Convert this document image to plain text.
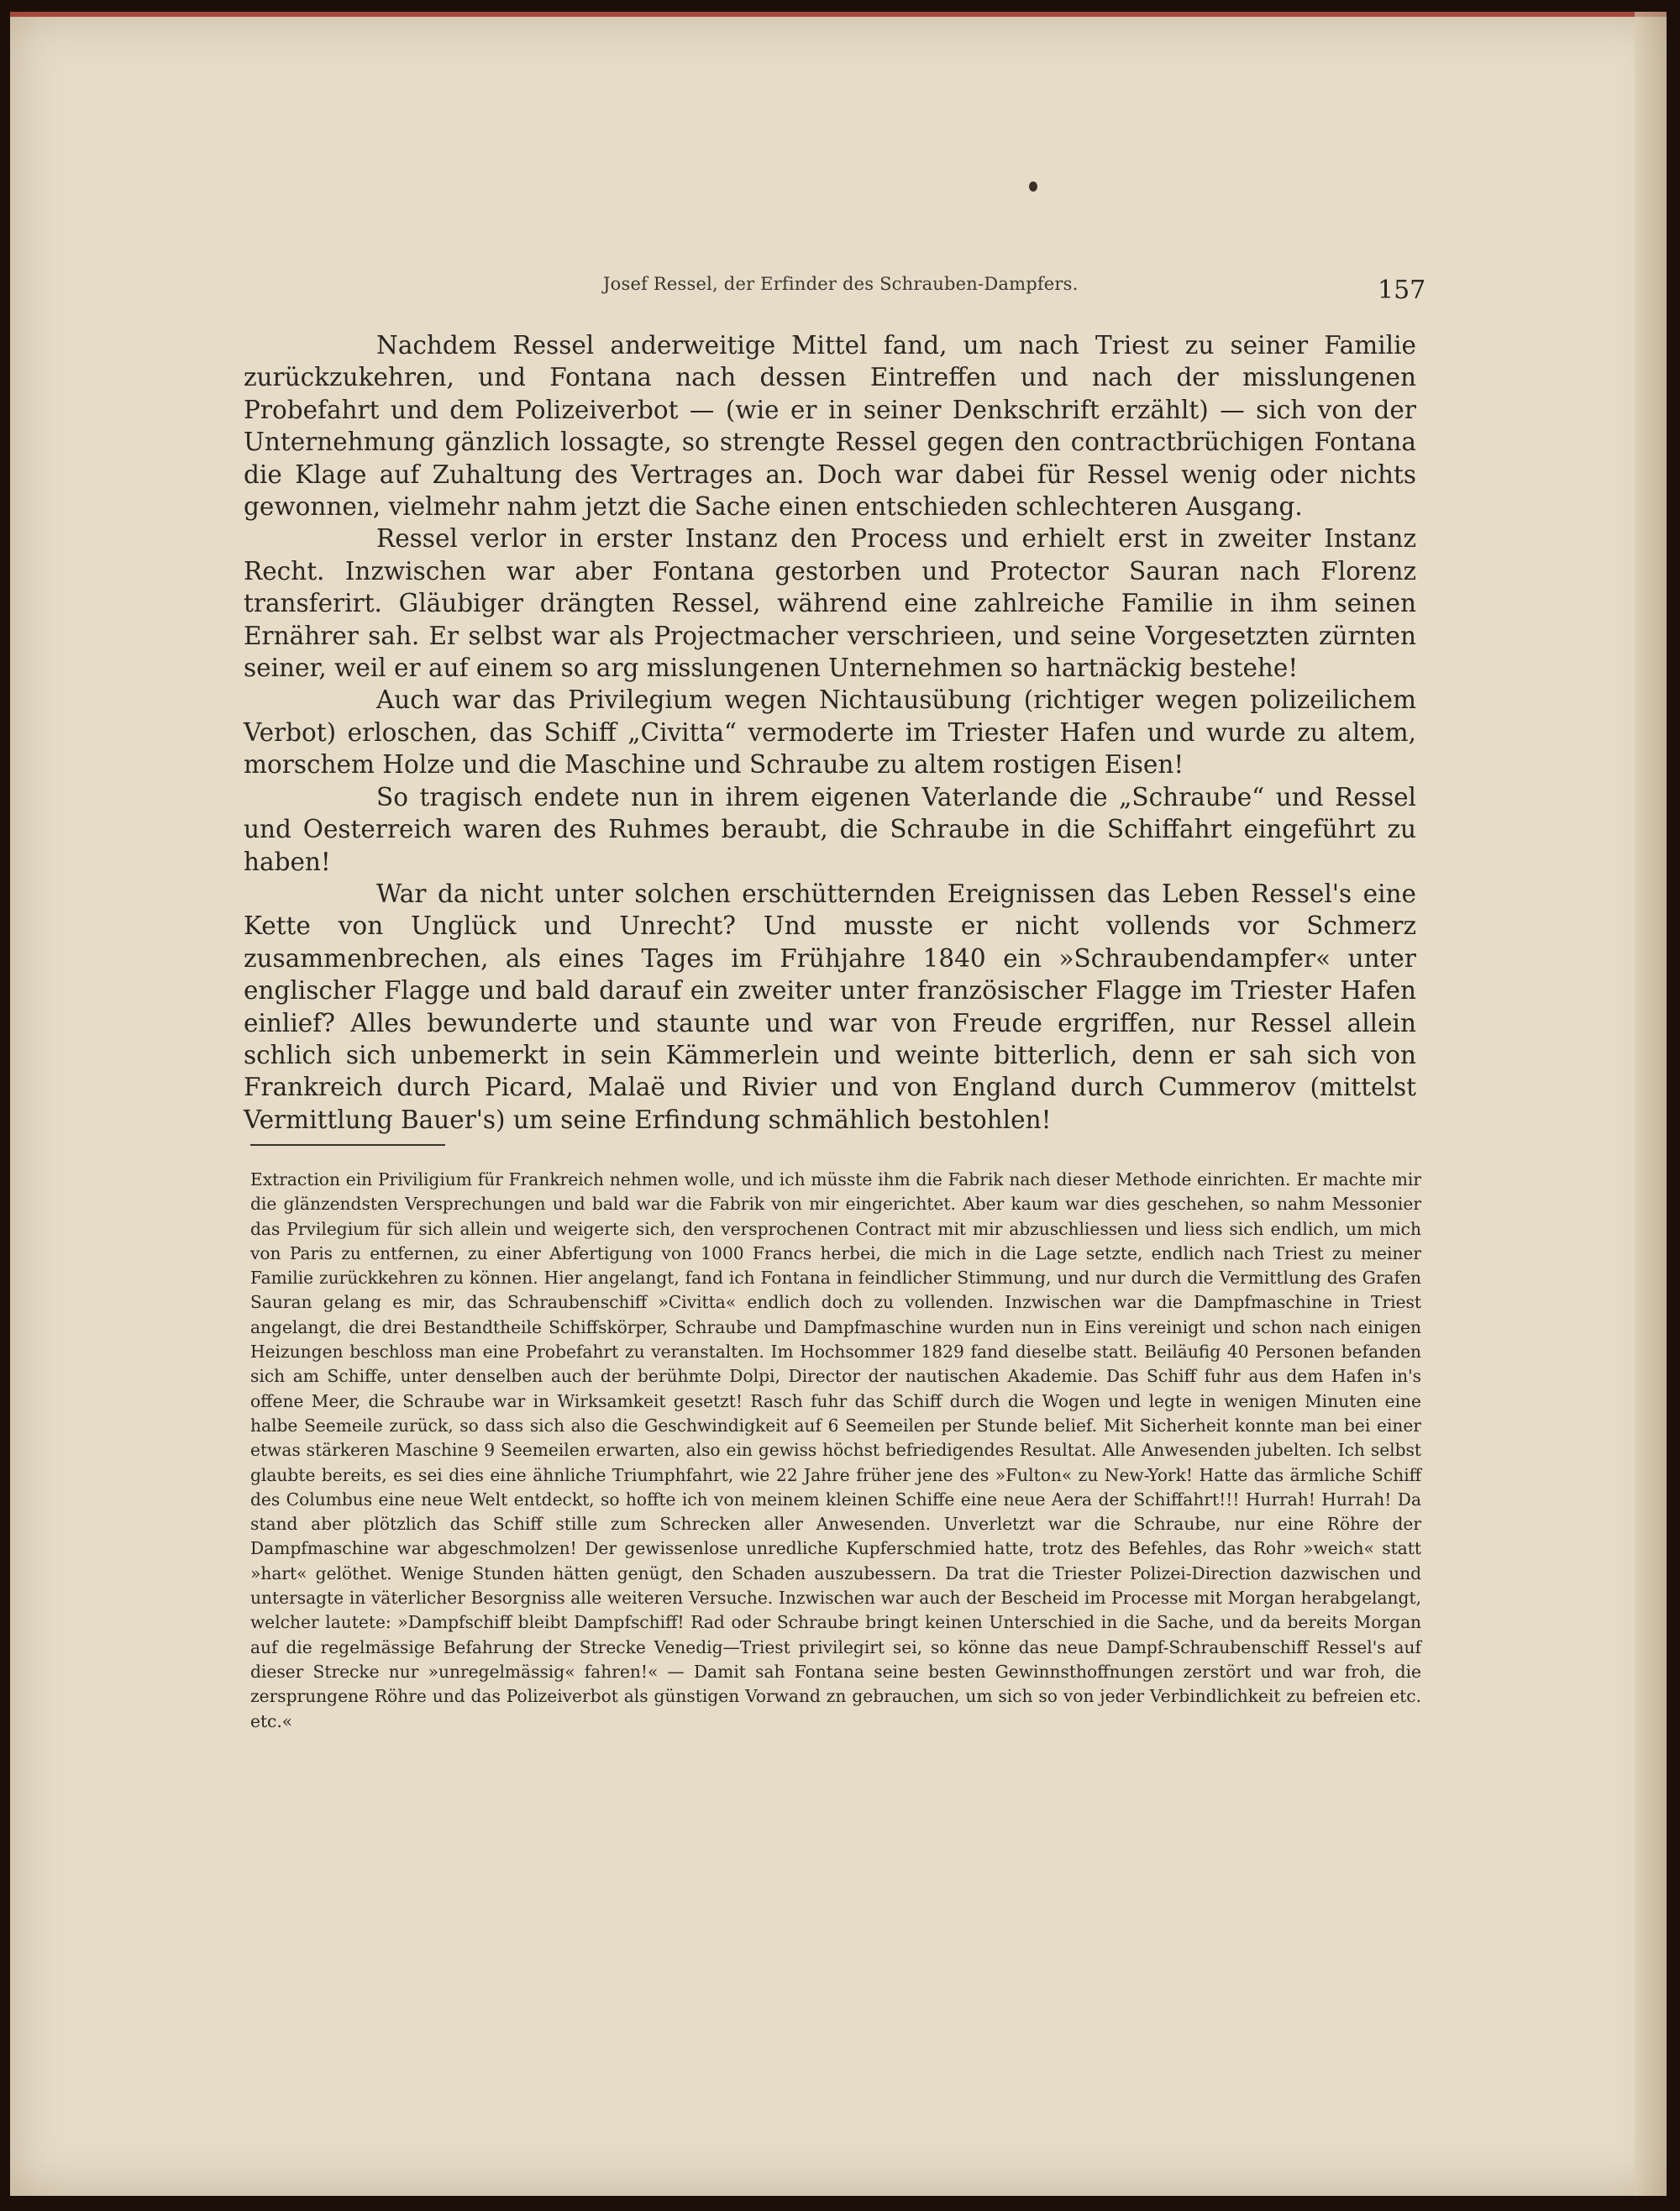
Josef Ressel, der Erfinder des Schrauben-Dampfers.	157

Nachdem Ressel anderweitige Mittel fand, um nach Triest zu seiner Familie zurückzukehren, und Fontana nach dessen Eintreffen und nach der misslungenen Probefahrt und dem Polizeiverbot — (wie er in seiner Denkschrift erzählt) — sich von der Unternehmung gänzlich lossagte, so strengte Ressel gegen den contractbrüchigen Fontana die Klage auf Zuhaltung des Vertrages an. Doch war dabei für Ressel wenig oder nichts gewonnen, vielmehr nahm jetzt die Sache einen entschieden schlechteren Ausgang.

Ressel verlor in erster Instanz den Process und erhielt erst in zweiter Instanz Recht. Inzwischen war aber Fontana gestorben und Protector Sauran nach Florenz transferirt. Gläubiger drängten Ressel, während eine zahlreiche Familie in ihm seinen Ernährer sah. Er selbst war als Projectmacher verschrieen, und seine Vorgesetzten zürnten seiner, weil er auf einem so arg misslungenen Unternehmen so hartnäckig bestehe!

Auch war das Privilegium wegen Nichtausübung (richtiger wegen polizeilichem Verbot) erloschen, das Schiff „Civitta“ vermoderte im Triester Hafen und wurde zu altem, morschem Holze und die Maschine und Schraube zu altem rostigen Eisen!

So tragisch endete nun in ihrem eigenen Vaterlande die „Schraube“ und Ressel und Oesterreich waren des Ruhmes beraubt, die Schraube in die Schiffahrt eingeführt zu haben!

War da nicht unter solchen erschütternden Ereignissen das Leben Ressel's eine Kette von Unglück und Unrecht? Und musste er nicht vollends vor Schmerz zusammenbrechen, als eines Tages im Frühjahre 1840 ein »Schraubendampfer« unter englischer Flagge und bald darauf ein zweiter unter französischer Flagge im Triester Hafen einlief? Alles bewunderte und staunte und war von Freude ergriffen, nur Ressel allein schlich sich unbemerkt in sein Kämmerlein und weinte bitterlich, denn er sah sich von Frankreich durch Picard, Malaë und Rivier und von England durch Cummerov (mittelst Vermittlung Bauer's) um seine Erfindung schmählich bestohlen!

Extraction ein Priviligium für Frankreich nehmen wolle, und ich müsste ihm die Fabrik nach dieser Methode einrichten. Er machte mir die glänzendsten Versprechungen und bald war die Fabrik von mir eingerichtet. Aber kaum war dies geschehen, so nahm Messonier das Prvilegium für sich allein und weigerte sich, den versprochenen Contract mit mir abzuschliessen und liess sich endlich, um mich von Paris zu entfernen, zu einer Abfertigung von 1000 Francs herbei, die mich in die Lage setzte, endlich nach Triest zu meiner Familie zurückkehren zu können. Hier angelangt, fand ich Fontana in feindlicher Stimmung, und nur durch die Vermittlung des Grafen Sauran gelang es mir, das Schraubenschiff »Civitta« endlich doch zu vollenden. Inzwischen war die Dampfmaschine in Triest angelangt, die drei Bestandtheile Schiffskörper, Schraube und Dampfmaschine wurden nun in Eins vereinigt und schon nach einigen Heizungen beschloss man eine Probefahrt zu veranstalten. Im Hochsommer 1829 fand dieselbe statt. Beiläufig 40 Personen befanden sich am Schiffe, unter denselben auch der berühmte Dolpi, Director der nautischen Akademie. Das Schiff fuhr aus dem Hafen in's offene Meer, die Schraube war in Wirksamkeit gesetzt! Rasch fuhr das Schiff durch die Wogen und legte in wenigen Minuten eine halbe Seemeile zurück, so dass sich also die Geschwindigkeit auf 6 Seemeilen per Stunde belief. Mit Sicherheit konnte man bei einer etwas stärkeren Maschine 9 Seemeilen erwarten, also ein gewiss höchst befriedigendes Resultat. Alle Anwesenden jubelten. Ich selbst glaubte bereits, es sei dies eine ähnliche Triumphfahrt, wie 22 Jahre früher jene des »Fulton« zu New-York! Hatte das ärmliche Schiff des Columbus eine neue Welt entdeckt, so hoffte ich von meinem kleinen Schiffe eine neue Aera der Schiffahrt!!! Hurrah! Hurrah! Da stand aber plötzlich das Schiff stille zum Schrecken aller Anwesenden. Unverletzt war die Schraube, nur eine Röhre der Dampfmaschine war abgeschmolzen! Der gewissenlose unredliche Kupferschmied hatte, trotz des Befehles, das Rohr »weich« statt »hart« gelöthet. Wenige Stunden hätten genügt, den Schaden auszubessern. Da trat die Triester Polizei-Direction dazwischen und untersagte in väterlicher Besorgniss alle weiteren Versuche. Inzwischen war auch der Bescheid im Processe mit Morgan herabgelangt, welcher lautete: »Dampfschiff bleibt Dampfschiff! Rad oder Schraube bringt keinen Unterschied in die Sache, und da bereits Morgan auf die regelmässige Befahrung der Strecke Venedig—Triest privilegirt sei, so könne das neue Dampf-Schraubenschiff Ressel's auf dieser Strecke nur »unregelmässig« fahren!« — Damit sah Fontana seine besten Gewinnsthoffnungen zerstört und war froh, die zersprungene Röhre und das Polizeiverbot als günstigen Vorwand zn gebrauchen, um sich so von jeder Verbindlichkeit zu befreien etc. etc.«
